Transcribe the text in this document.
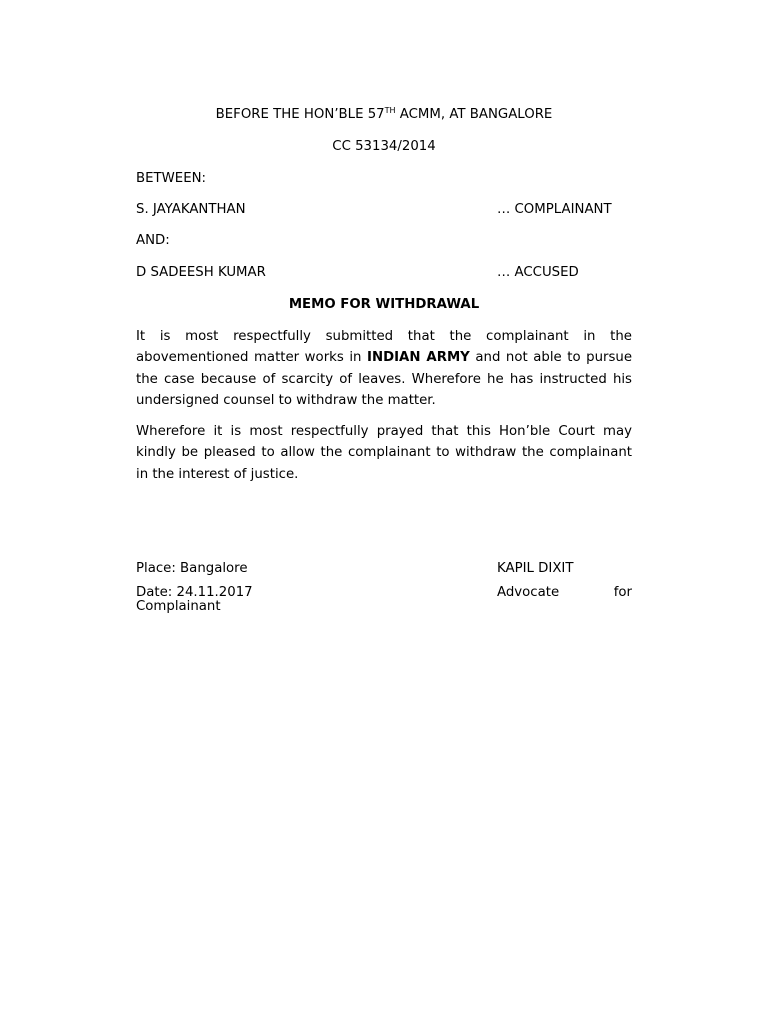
BEFORE THE HON’BLE 57TH ACMM, AT BANGALORE
CC 53134/2014
BETWEEN:
S. JAYAKANTHAN	… COMPLAINANT
AND:
D SADEESH KUMAR	… ACCUSED
MEMO FOR WITHDRAWAL
It is most respectfully submitted that the complainant in the abovementioned matter works in INDIAN ARMY and not able to pursue the case because of scarcity of leaves. Wherefore he has instructed his undersigned counsel to withdraw the matter.
Wherefore it is most respectfully prayed that this Hon’ble Court may kindly be pleased to allow the complainant to withdraw the complainant in the interest of justice.
Place: Bangalore	KAPIL DIXIT
Date: 24.11.2017	Advocate for
Complainant
